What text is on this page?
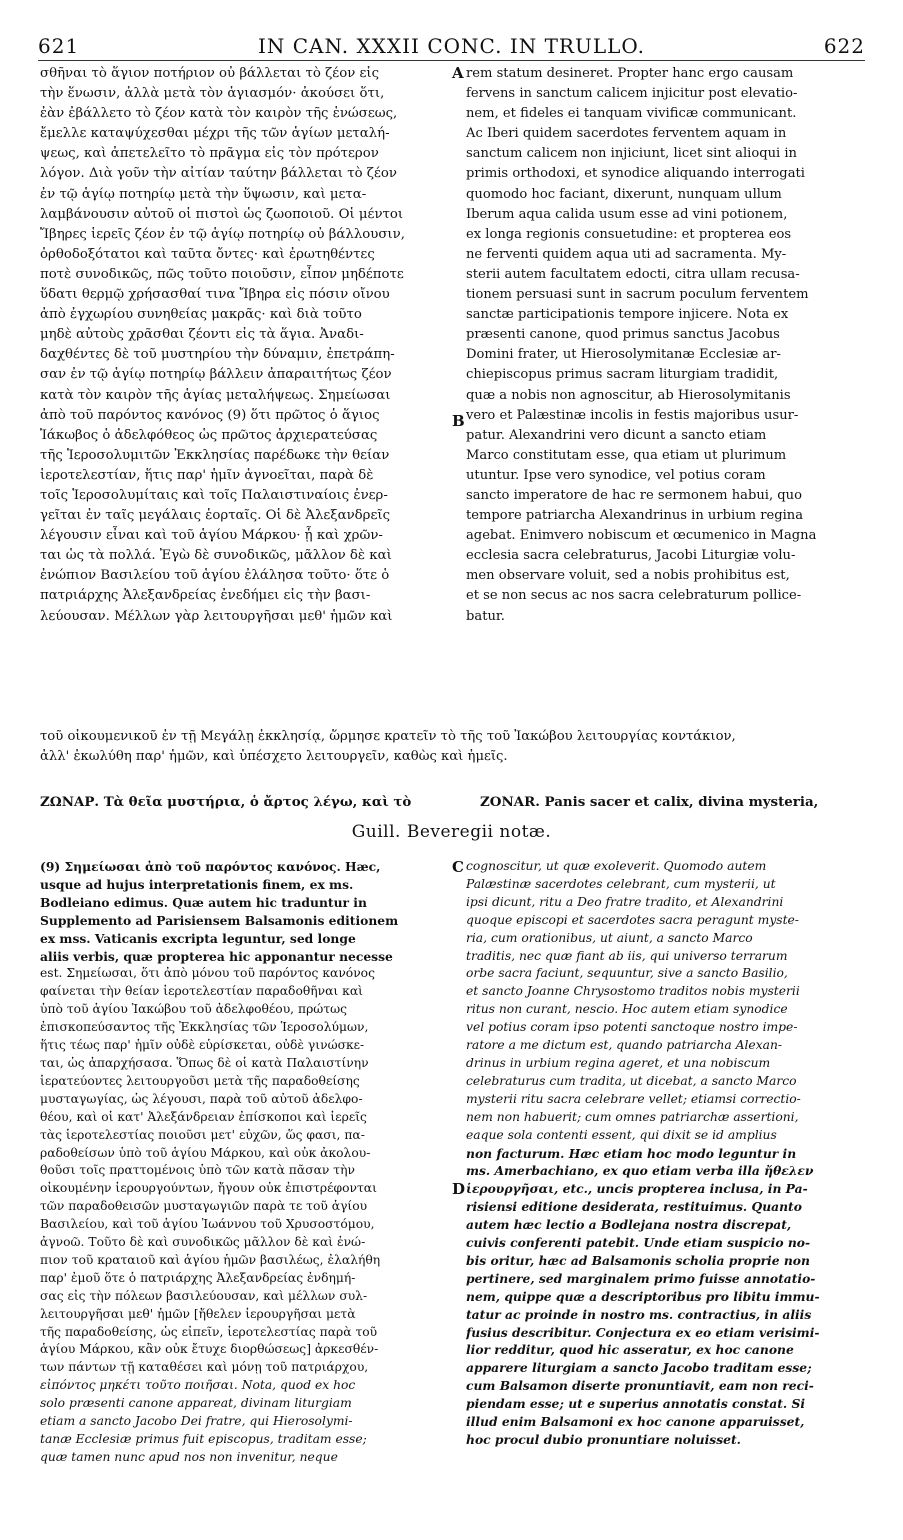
621	IN CAN. XXXII CONC. IN TRULLO.	622
σθῆναι τὸ ἅγιον ποτήριον οὐ βάλλεται τὸ ζέον εἰς
τὴν ἕνωσιν, ἀλλὰ μετὰ τὸν ἁγιασμόν· ἀκούσει ὅτι,
ἐὰν ἐβάλλετο τὸ ζέον κατὰ τὸν καιρὸν τῆς ἑνώσεως,
ἔμελλε καταψύχεσθαι μέχρι τῆς τῶν ἁγίων μεταλή-
ψεως, καὶ ἀπετελεῖτο τὸ πρᾶγμα εἰς τὸν πρότερον
λόγον. Διὰ γοῦν τὴν αἰτίαν ταύτην βάλλεται τὸ ζέον
ἐν τῷ ἁγίῳ ποτηρίῳ μετὰ τὴν ὕψωσιν, καὶ μετα-
λαμβάνουσιν αὐτοῦ οἱ πιστοὶ ὡς ζωοποιοῦ. Οἱ μέντοι
Ἴβηρες ἱερεῖς ζέον ἐν τῷ ἁγίῳ ποτηρίῳ οὐ βάλλουσιν,
ὀρθοδοξότατοι καὶ ταῦτα ὄντες· καὶ ἐρωτηθέντες
ποτὲ συνοδικῶς, πῶς τοῦτο ποιοῦσιν, εἶπον μηδέποτε
ὕδατι θερμῷ χρήσασθαί τινα Ἴβηρα εἰς πόσιν οἴνου
ἀπὸ ἐγχωρίου συνηθείας μακρᾶς· καὶ διὰ τοῦτο
μηδὲ αὐτοὺς χρᾶσθαι ζέοντι εἰς τὰ ἅγια. Ἀναδι-
δαχθέντες δὲ τοῦ μυστηρίου τὴν δύναμιν, ἐπετράπη-
σαν ἐν τῷ ἁγίῳ ποτηρίῳ βάλλειν ἀπαραιτήτως ζέον
κατὰ τὸν καιρὸν τῆς ἁγίας μεταλήψεως. Σημείωσαι
ἀπὸ τοῦ παρόντος κανόνος (9) ὅτι πρῶτος ὁ ἅγιος
Ἰάκωβος ὁ ἀδελφόθεος ὡς πρῶτος ἀρχιερατεύσας
τῆς Ἱεροσολυμιτῶν Ἐκκλησίας παρέδωκε τὴν θείαν
ἱεροτελεστίαν, ἥτις παρ' ἡμῖν ἀγνοεῖται, παρὰ δὲ
τοῖς Ἱεροσολυμίταις καὶ τοῖς Παλαιστιναίοις ἐνερ-
γεῖται ἐν ταῖς μεγάλαις ἑορταῖς. Οἱ δὲ Ἀλεξανδρεῖς
λέγουσιν εἶναι καὶ τοῦ ἁγίου Μάρκου· ᾗ καὶ χρῶν-
ται ὡς τὰ πολλά. Ἐγὼ δὲ συνοδικῶς, μᾶλλον δὲ καὶ
ἐνώπιον Βασιλείου τοῦ ἁγίου ἐλάλησα τοῦτο· ὅτε ὁ
πατριάρχης Ἀλεξανδρείας ἐνεδήμει εἰς τὴν βασι-
λεύουσαν. Μέλλων γὰρ λειτουργῆσαι μεθ' ἡμῶν καὶ
rem statum desineret. Propter hanc ergo causam
fervens in sanctum calicem injicitur post elevatio-
nem, et fideles ei tanquam vivificæ communicant.
Ac Iberi quidem sacerdotes ferventem aquam in
sanctum calicem non injiciunt, licet sint alioqui in
primis orthodoxi, et synodice aliquando interrogati
quomodo hoc faciant, dixerunt, nunquam ullum
Iberum aqua calida usum esse ad vini potionem,
ex longa regionis consuetudine: et propterea eos
ne ferventi quidem aqua uti ad sacramenta. My-
sterii autem facultatem edocti, citra ullam recusa-
tionem persuasi sunt in sacrum poculum ferventem
sanctæ participationis tempore injicere. Nota ex
præsenti canone, quod primus sanctus Jacobus
Domini frater, ut Hierosolymitanæ Ecclesiæ ar-
chiepiscopus primus sacram liturgiam tradidit,
quæ a nobis non agnoscitur, ab Hierosolymitanis
vero et Palæstinæ incolis in festis majoribus usur-
patur. Alexandrini vero dicunt a sancto etiam
Marco constitutam esse, qua etiam ut plurimum
utuntur. Ipse vero synodice, vel potius coram
sancto imperatore de hac re sermonem habui, quo
tempore patriarcha Alexandrinus in urbium regina
agebat. Enimvero nobiscum et œcumenico in Magna
ecclesia sacra celebraturus, Jacobi Liturgiæ volu-
men observare voluit, sed a nobis prohibitus est,
et se non secus ac nos sacra celebraturum pollice-
batur.
A
B
C
D
τοῦ οἰκουμενικοῦ ἐν τῇ Μεγάλῃ ἐκκλησίᾳ, ὥρμησε κρατεῖν τὸ τῆς τοῦ Ἰακώβου λειτουργίας κοντάκιον,
ἀλλ' ἐκωλύθη παρ' ἡμῶν, καὶ ὑπέσχετο λειτουργεῖν, καθὼς καὶ ἡμεῖς.
ΖΩΝΑΡ. Τὰ θεῖα μυστήρια, ὁ ἄρτος λέγω, καὶ τὸ	ZONAR. Panis sacer et calix, divina mysteria,
Guill. Beveregii notæ.
(9) Σημείωσαι ἀπὸ τοῦ παρόντος κανόνος. Hæc,
usque ad hujus interpretationis finem, ex ms.
Bodleiano edimus. Quæ autem hic traduntur in
Supplemento ad Parisiensem Balsamonis editionem
ex mss. Vaticanis excripta leguntur, sed longe
aliis verbis, quæ propterea hic apponantur necesse
est. Σημείωσαι, ὅτι ἀπὸ μόνου τοῦ παρόντος κανόνος
φαίνεται τὴν θείαν ἱεροτελεστίαν παραδοθῆναι καὶ
ὑπὸ τοῦ ἁγίου Ἰακώβου τοῦ ἀδελφοθέου, πρώτως
ἐπισκοπεύσαντος τῆς Ἐκκλησίας τῶν Ἱεροσολύμων,
ἥτις τέως παρ' ἡμῖν οὐδὲ εὑρίσκεται, οὐδὲ γινώσκε-
ται, ὡς ἀπαρχήσασα. Ὅπως δὲ οἱ κατὰ Παλαιστίνην
ἱερατεύοντες λειτουργοῦσι μετὰ τῆς παραδοθείσης
μυσταγωγίας, ὡς λέγουσι, παρὰ τοῦ αὐτοῦ ἀδελφο-
θέου, καὶ οἱ κατ' Ἀλεξάνδρειαν ἐπίσκοποι καὶ ἱερεῖς
τὰς ἱεροτελεστίας ποιοῦσι μετ' εὐχῶν, ὥς φασι, πα-
ραδοθείσων ὑπὸ τοῦ ἁγίου Μάρκου, καὶ οὐκ ἀκολου-
θοῦσι τοῖς πραττομένοις ὑπὸ τῶν κατὰ πᾶσαν τὴν
οἰκουμένην ἱερουργούντων, ἤγουν οὐκ ἐπιστρέφονται
τῶν παραδοθεισῶν μυσταγωγιῶν παρὰ τε τοῦ ἁγίου
Βασιλείου, καὶ τοῦ ἁγίου Ἰωάννου τοῦ Χρυσοστόμου,
ἀγνοῶ. Τοῦτο δὲ καὶ συνοδικῶς μᾶλλον δὲ καὶ ἐνώ-
πιον τοῦ κραταιοῦ καὶ ἁγίου ἡμῶν βασιλέως, ἐλαλήθη
παρ' ἐμοῦ ὅτε ὁ πατριάρχης Ἀλεξανδρείας ἐνδημή-
σας εἰς τὴν πόλεων βασιλεύουσαν, καὶ μέλλων συλ-
λειτουργῆσαι μεθ' ἡμῶν [ἤθελεν ἱερουργῆσαι μετὰ
τῆς παραδοθείσης, ὡς εἰπεῖν, ἱεροτελεστίας παρὰ τοῦ
ἁγίου Μάρκου, κἂν οὐκ ἔτυχε διορθώσεως] ἀρκεσθέν-
των πάντων τῇ καταθέσει καὶ μόνῃ τοῦ πατριάρχου,
εἰπόντος μηκέτι τοῦτο ποιῆσαι. Nota, quod ex hoc
solo præsenti canone appareat, divinam liturgiam
etiam a sancto Jacobo Dei fratre, qui Hierosolymi-
tanæ Ecclesiæ primus fuit episcopus, traditam esse;
quæ tamen nunc apud nos non invenitur, neque
cognoscitur, ut quæ exoleverit. Quomodo autem
Palæstinæ sacerdotes celebrant, cum mysterii, ut
ipsi dicunt, ritu a Deo fratre tradito, et Alexandrini
quoque episcopi et sacerdotes sacra peragunt myste-
ria, cum orationibus, ut aiunt, a sancto Marco
traditis, nec quæ fiant ab iis, qui universo terrarum
orbe sacra faciunt, sequuntur, sive a sancto Basilio,
et sancto Joanne Chrysostomo traditos nobis mysterii
ritus non curant, nescio. Hoc autem etiam synodice
vel potius coram ipso potenti sanctoque nostro impe-
ratore a me dictum est, quando patriarcha Alexan-
drinus in urbium regina ageret, et una nobiscum
celebraturus cum tradita, ut dicebat, a sancto Marco
mysterii ritu sacra celebrare vellet; etiamsi correctio-
nem non habuerit; cum omnes patriarchæ assertioni,
eaque sola contenti essent, qui dixit se id amplius
non facturum. Hæc etiam hoc modo leguntur in
ms. Amerbachiano, ex quo etiam verba illa ἤθελεν
ἱερουργῆσαι, etc., uncis propterea inclusa, in Pa-
risiensi editione desiderata, restituimus. Quanto
autem hæc lectio a Bodlejana nostra discrepat,
cuivis conferenti patebit. Unde etiam suspicio no-
bis oritur, hæc ad Balsamonis scholia proprie non
pertinere, sed marginalem primo fuisse annotatio-
nem, quippe quæ a descriptoribus pro libitu immu-
tatur ac proinde in nostro ms. contractius, in aliis
fusius describitur. Conjectura ex eo etiam verisimi-
lior redditur, quod hic asseratur, ex hoc canone
apparere liturgiam a sancto Jacobo traditam esse;
cum Balsamon diserte pronuntiavit, eam non reci-
piendam esse; ut e superius annotatis constat. Si
illud enim Balsamoni ex hoc canone apparuisset,
hoc procul dubio pronuntiare noluisset.
